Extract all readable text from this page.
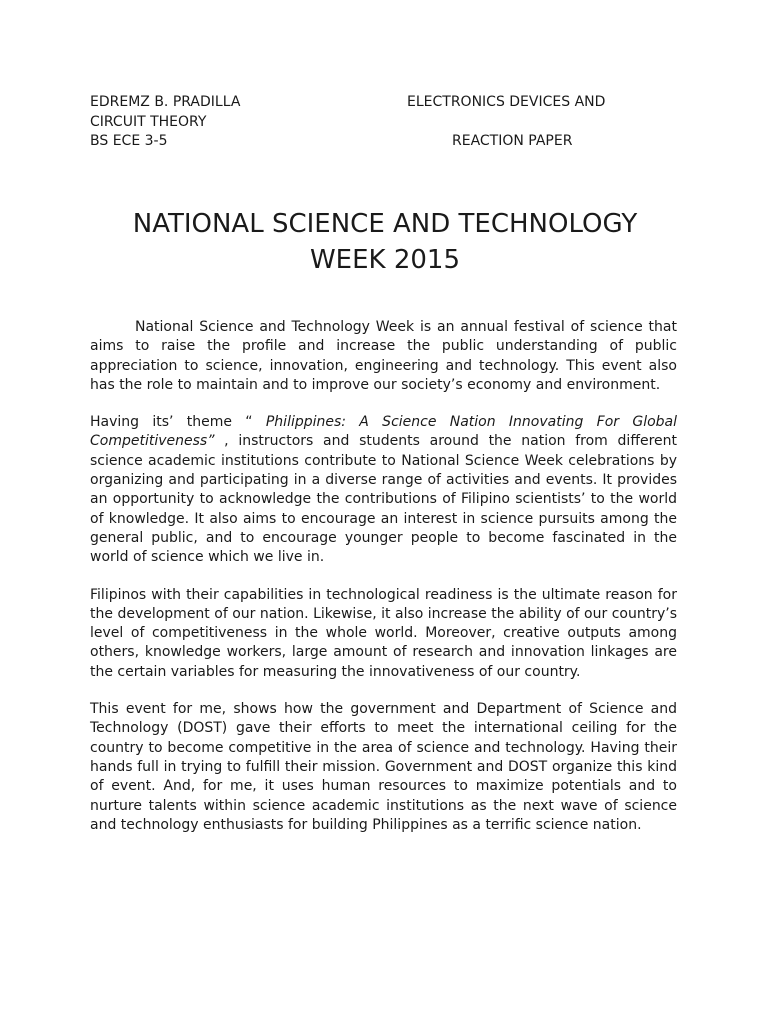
EDREMZ B. PRADILLA	ELECTRONICS DEVICES AND
CIRCUIT THEORY
BS ECE 3-5	REACTION PAPER
NATIONAL SCIENCE AND TECHNOLOGY
WEEK 2015

National Science and Technology Week is an annual festival of science that aims to raise the profile and increase the public understanding of public appreciation to science, innovation, engineering and technology. This event also has the role to maintain and to improve our society’s economy and environment.

Having its’ theme “ Philippines: A Science Nation Innovating For Global Competitiveness” , instructors and students around the nation from different science academic institutions contribute to National Science Week celebrations by organizing and participating in a diverse range of activities and events. It provides an opportunity to acknowledge the contributions of Filipino scientists’ to the world of knowledge. It also aims to encourage an interest in science pursuits among the general public, and to encourage younger people to become fascinated in the world of science which we live in.

Filipinos with their capabilities in technological readiness is the ultimate reason for the development of our nation. Likewise, it also increase the ability of our country’s level of competitiveness in the whole world. Moreover, creative outputs among others, knowledge workers, large amount of research and innovation linkages are the certain variables for measuring the innovativeness of our country.

This event for me, shows how the government and Department of Science and Technology (DOST) gave their efforts to meet the international ceiling for the country to become competitive in the area of science and technology. Having their hands full in trying to fulfill their mission. Government and DOST organize this kind of event. And, for me, it uses human resources to maximize potentials and to nurture talents within science academic institutions as the next wave of science and technology enthusiasts for building Philippines as a terrific science nation.
